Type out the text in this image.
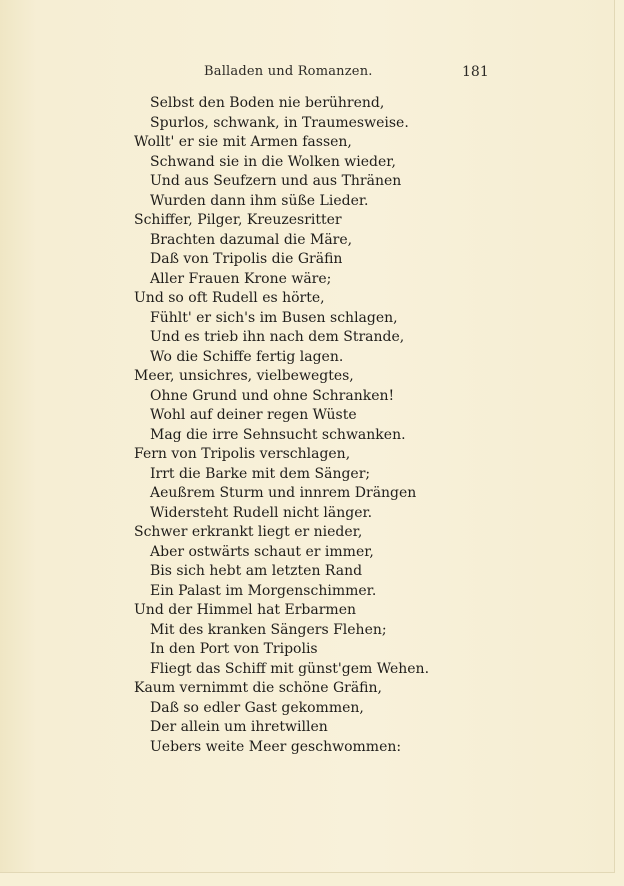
Balladen und Romanzen.	181
Selbst den Boden nie berührend,
Spurlos, schwank, in Traumesweise.
Wollt' er sie mit Armen fassen,
Schwand sie in die Wolken wieder,
Und aus Seufzern und aus Thränen
Wurden dann ihm süße Lieder.
Schiffer, Pilger, Kreuzesritter
Brachten dazumal die Märe,
Daß von Tripolis die Gräfin
Aller Frauen Krone wäre;
Und so oft Rudell es hörte,
Fühlt' er sich's im Busen schlagen,
Und es trieb ihn nach dem Strande,
Wo die Schiffe fertig lagen.
Meer, unsichres, vielbewegtes,
Ohne Grund und ohne Schranken!
Wohl auf deiner regen Wüste
Mag die irre Sehnsucht schwanken.
Fern von Tripolis verschlagen,
Irrt die Barke mit dem Sänger;
Aeußrem Sturm und innrem Drängen
Widersteht Rudell nicht länger.
Schwer erkrankt liegt er nieder,
Aber ostwärts schaut er immer,
Bis sich hebt am letzten Rand
Ein Palast im Morgenschimmer.
Und der Himmel hat Erbarmen
Mit des kranken Sängers Flehen;
In den Port von Tripolis
Fliegt das Schiff mit günst'gem Wehen.
Kaum vernimmt die schöne Gräfin,
Daß so edler Gast gekommen,
Der allein um ihretwillen
Uebers weite Meer geschwommen:
